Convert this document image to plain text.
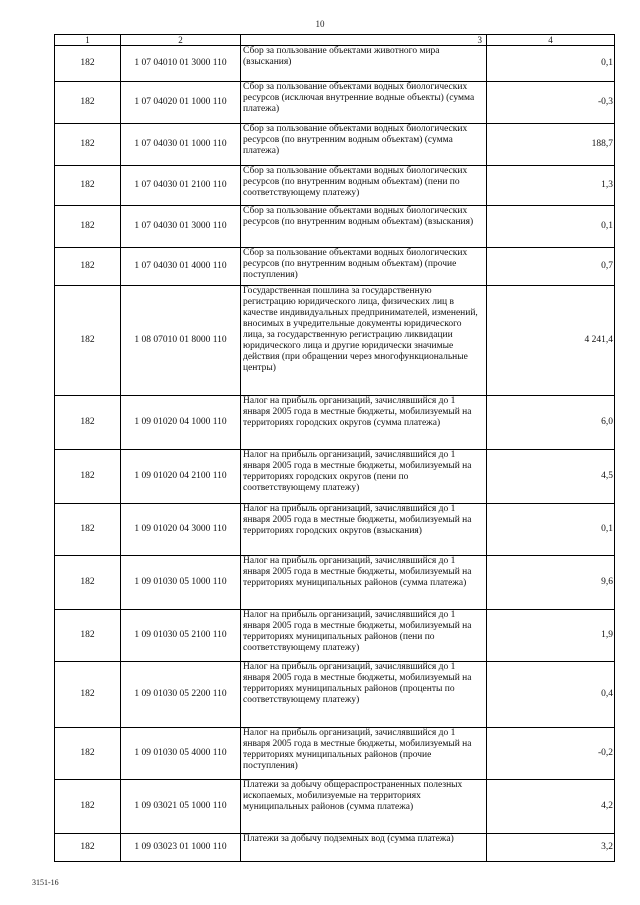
10
1	2	3	4
182	1 07 04010 01 3000 110	Сбор за пользование объектами животного мира (взыскания)	0,1
182	1 07 04020 01 1000 110	Сбор за пользование объектами водных биологических ресурсов (исключая внутренние водные объекты) (сумма платежа)	-0,3
182	1 07 04030 01 1000 110	Сбор за пользование объектами водных биологических ресурсов (по внутренним водным объектам) (сумма платежа)	188,7
182	1 07 04030 01 2100 110	Сбор за пользование объектами водных биологических ресурсов (по внутренним водным объектам) (пени по соответствующему платежу)	1,3
182	1 07 04030 01 3000 110	Сбор за пользование объектами водных биологических ресурсов (по внутренним водным объектам) (взыскания)	0,1
182	1 07 04030 01 4000 110	Сбор за пользование объектами водных биологических ресурсов (по внутренним водным объектам) (прочие поступления)	0,7
182	1 08 07010 01 8000 110	Государственная пошлина за государственную регистрацию юридического лица, физических лиц в качестве индивидуальных предпринимателей, изменений, вносимых в учредительные документы юридического лица, за государственную регистрацию ликвидации юридического лица и другие юридически значимые действия (при обращении через многофункциональные центры)	4 241,4
182	1 09 01020 04 1000 110	Налог на прибыль организаций, зачислявшийся до 1 января 2005 года в местные бюджеты, мобилизуемый на территориях городских округов (сумма платежа)	6,0
182	1 09 01020 04 2100 110	Налог на прибыль организаций, зачислявшийся до 1 января 2005 года в местные бюджеты, мобилизуемый на территориях городских округов (пени по соответствующему платежу)	4,5
182	1 09 01020 04 3000 110	Налог на прибыль организаций, зачислявшийся до 1 января 2005 года в местные бюджеты, мобилизуемый на территориях городских округов (взыскания)	0,1
182	1 09 01030 05 1000 110	Налог на прибыль организаций, зачислявшийся до 1 января 2005 года в местные бюджеты, мобилизуемый на территориях муниципальных районов (сумма платежа)	9,6
182	1 09 01030 05 2100 110	Налог на прибыль организаций, зачислявшийся до 1 января 2005 года в местные бюджеты, мобилизуемый на территориях муниципальных районов (пени по соответствующему платежу)	1,9
182	1 09 01030 05 2200 110	Налог на прибыль организаций, зачислявшийся до 1 января 2005 года в местные бюджеты, мобилизуемый на территориях муниципальных районов (проценты по соответствующему платежу)	0,4
182	1 09 01030 05 4000 110	Налог на прибыль организаций, зачислявшийся до 1 января 2005 года в местные бюджеты, мобилизуемый на территориях муниципальных районов (прочие поступления)	-0,2
182	1 09 03021 05 1000 110	Платежи за добычу общераспространенных полезных ископаемых, мобилизуемые на территориях муниципальных районов (сумма платежа)	4,2
182	1 09 03023 01 1000 110	Платежи за добычу подземных вод (сумма платежа)	3,2
3151-16
